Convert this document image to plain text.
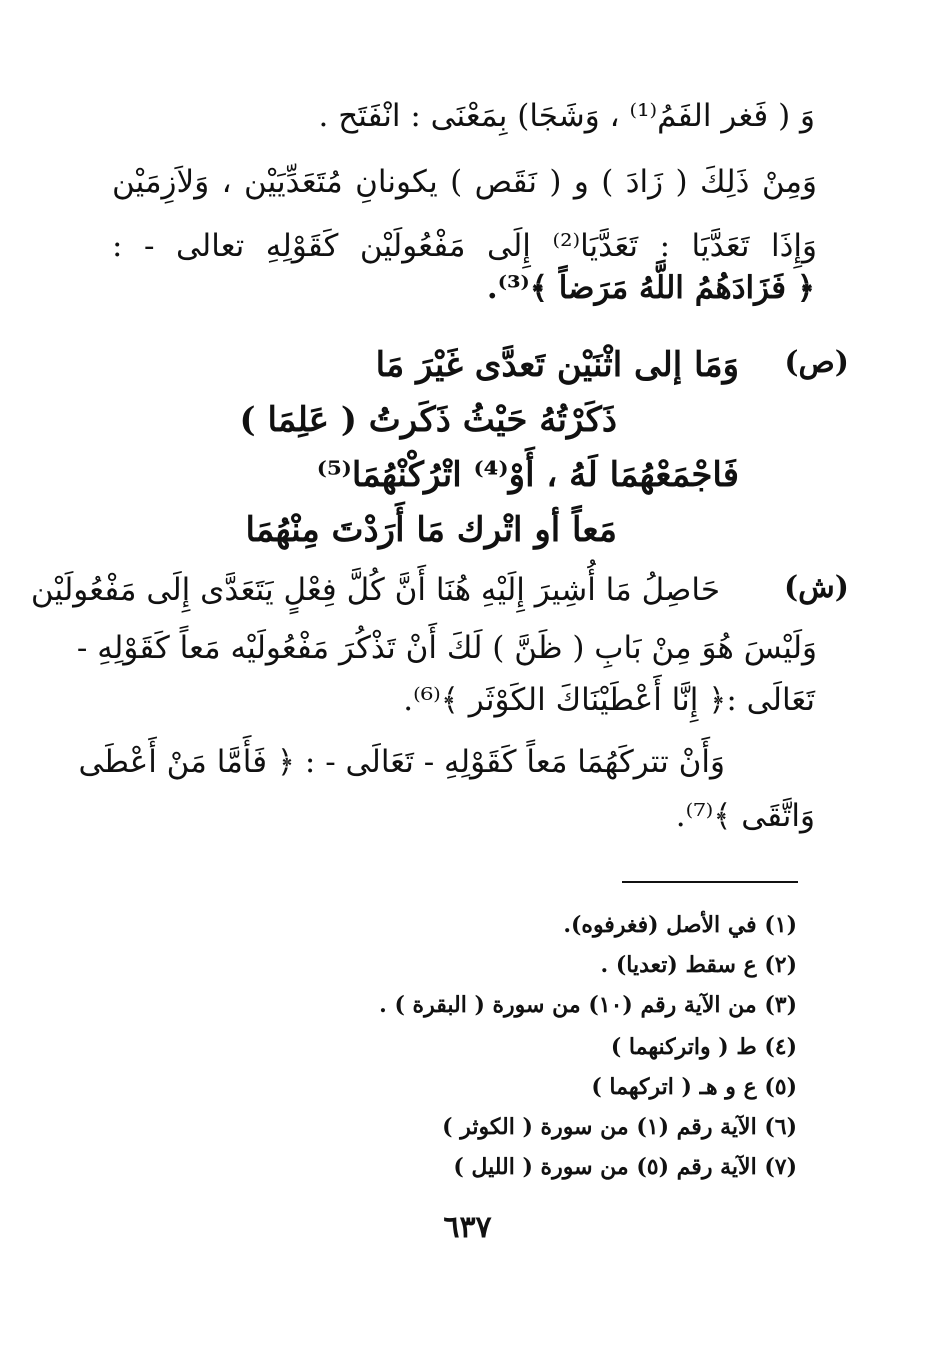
وَ ( فَغر الفَمُ⁽¹⁾ ، وَشَجَا) بِمَعْنَى : انْفَتَح .
وَمِنْ ذَلِكَ ( زَادَ ) و ( نَقَص ) يكونانِ مُتَعَدِّيَيْن ، وَلاَزِمَيْن
وَإِذَا تَعَدَّيَا : تَعَدَّيَا⁽²⁾ إِلَى مَفْعُولَيْن كَقَوْلِهِ تعالى - :
﴿ فَزَادَهُمُ اللَّهُ مَرَضاً ﴾⁽³⁾.
(ص)
وَمَا إلى اثْنَيْن تَعدَّى غَيْرَ مَا
ذَكَرْتُهُ حَيْثُ ذَكَرتُ ( عَلِمَا )
فَاجْمَعْهُمَا لَهُ ، أَوْ⁽⁴⁾ اتْرُكْنْهُمَا⁽⁵⁾
مَعاً أو اتْرك مَا أَرَدْتَ مِنْهُمَا
(ش)
حَاصِلُ مَا أُشِيرَ إِلَيْهِ هُنَا أَنَّ كُلَّ فِعْلٍ يَتَعَدَّى إِلَى مَفْعُولَيْن
وَلَيْسَ هُوَ مِنْ بَابِ ( ظَنَّ ) لَكَ أَنْ تَذْكُرَ مَفْعُولَيْه مَعاً كَقَوْلِهِ -
تَعَالَى :﴿ إِنَّا أَعْطَيْنَاكَ الكَوْثَر ﴾⁽⁶⁾.
وَأَنْ تتركَهُمَا مَعاً كَقَوْلِهِ - تَعَالَى - : ﴿ فَأَمَّا مَنْ أَعْطَى
وَاتَّقَى ﴾⁽⁷⁾.
(١) في الأصل (فغرفوه).
(٢) ع سقط (تعديا) .
(٣) من الآية رقم (١٠) من سورة ( البقرة ) .
(٤) ط ( واتركنهما )
(٥) ع و هـ ( اتركهما )
(٦) الآية رقم (١) من سورة ( الكوثر )
(٧) الآية رقم (٥) من سورة ( الليل )
٦٣٧
